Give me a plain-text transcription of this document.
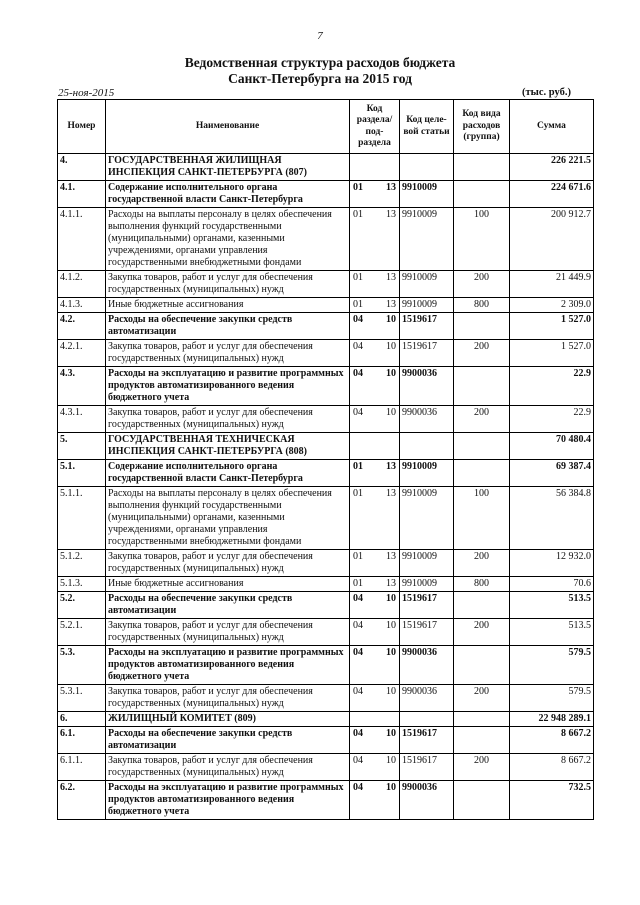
7
Ведомственная структура расходов бюджета
Санкт-Петербурга на 2015 год
25-ноя-2015	(тыс. руб.)
Номер	Наименование	Код раздела/ под- раздела	Код целе- вой статьи	Код вида расходов (группа)	Сумма
4.	ГОСУДАРСТВЕННАЯ ЖИЛИЩНАЯ ИНСПЕКЦИЯ САНКТ-ПЕТЕРБУРГА (807)				226 221.5
4.1.	Содержание исполнительного органа государственной власти Санкт-Петербурга	01 13	9910009		224 671.6
4.1.1.	Расходы на выплаты персоналу в целях обеспечения выполнения функций государственными (муниципальными) органами, казенными учреждениями, органами управления государственными внебюджетными фондами	01 13	9910009	100	200 912.7
4.1.2.	Закупка товаров, работ и услуг для обеспечения государственных (муниципальных) нужд	01 13	9910009	200	21 449.9
4.1.3.	Иные бюджетные ассигнования	01 13	9910009	800	2 309.0
4.2.	Расходы на обеспечение закупки средств автоматизации	04 10	1519617		1 527.0
4.2.1.	Закупка товаров, работ и услуг для обеспечения государственных (муниципальных) нужд	04 10	1519617	200	1 527.0
4.3.	Расходы на эксплуатацию и развитие программных продуктов автоматизированного ведения бюджетного учета	04 10	9900036		22.9
4.3.1.	Закупка товаров, работ и услуг для обеспечения государственных (муниципальных) нужд	04 10	9900036	200	22.9
5.	ГОСУДАРСТВЕННАЯ ТЕХНИЧЕСКАЯ ИНСПЕКЦИЯ САНКТ-ПЕТЕРБУРГА (808)				70 480.4
5.1.	Содержание исполнительного органа государственной власти Санкт-Петербурга	01 13	9910009		69 387.4
5.1.1.	Расходы на выплаты персоналу в целях обеспечения выполнения функций государственными (муниципальными) органами, казенными учреждениями, органами управления государственными внебюджетными фондами	01 13	9910009	100	56 384.8
5.1.2.	Закупка товаров, работ и услуг для обеспечения государственных (муниципальных) нужд	01 13	9910009	200	12 932.0
5.1.3.	Иные бюджетные ассигнования	01 13	9910009	800	70.6
5.2.	Расходы на обеспечение закупки средств автоматизации	04 10	1519617		513.5
5.2.1.	Закупка товаров, работ и услуг для обеспечения государственных (муниципальных) нужд	04 10	1519617	200	513.5
5.3.	Расходы на эксплуатацию и развитие программных продуктов автоматизированного ведения бюджетного учета	04 10	9900036		579.5
5.3.1.	Закупка товаров, работ и услуг для обеспечения государственных (муниципальных) нужд	04 10	9900036	200	579.5
6.	ЖИЛИЩНЫЙ КОМИТЕТ (809)				22 948 289.1
6.1.	Расходы на обеспечение закупки средств автоматизации	04 10	1519617		8 667.2
6.1.1.	Закупка товаров, работ и услуг для обеспечения государственных (муниципальных) нужд	04 10	1519617	200	8 667.2
6.2.	Расходы на эксплуатацию и развитие программных продуктов автоматизированного ведения бюджетного учета	04 10	9900036		732.5
